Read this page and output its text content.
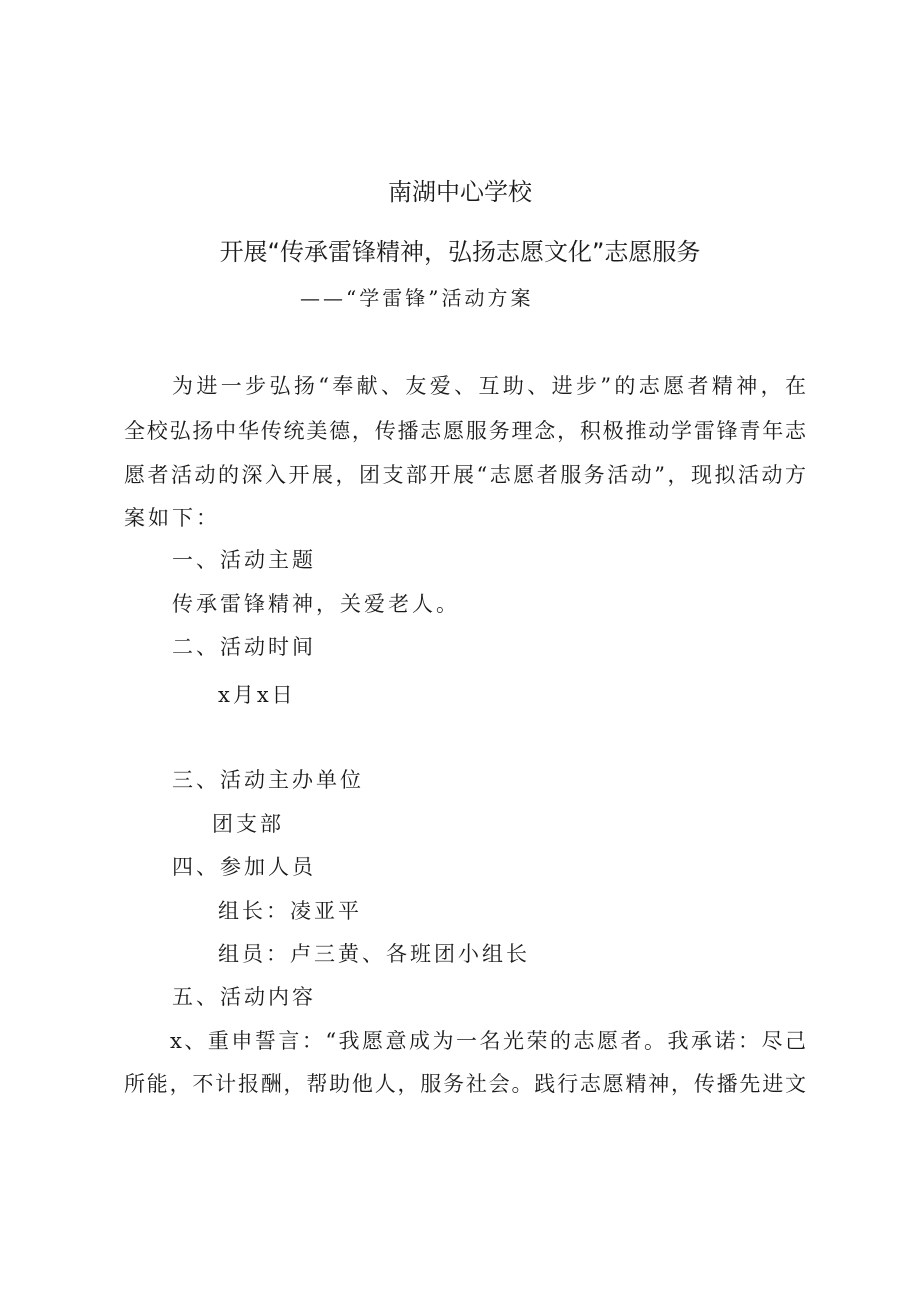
南湖中心学校
开展“传承雷锋精神，弘扬志愿文化”志愿服务
——“学雷锋”活动方案
为进一步弘扬“奉献、友爱、互助、进步”的志愿者精神，在
全校弘扬中华传统美德，传播志愿服务理念，积极推动学雷锋青年志
愿者活动的深入开展，团支部开展“志愿者服务活动”，现拟活动方
案如下：
一、活动主题
传承雷锋精神，关爱老人。
二、活动时间
x月x日
三、活动主办单位
团支部
四、参加人员
组长：凌亚平
组员：卢三黄、各班团小组长
五、活动内容
x、重申誓言：“我愿意成为一名光荣的志愿者。我承诺：尽己
所能，不计报酬，帮助他人，服务社会。践行志愿精神，传播先进文
